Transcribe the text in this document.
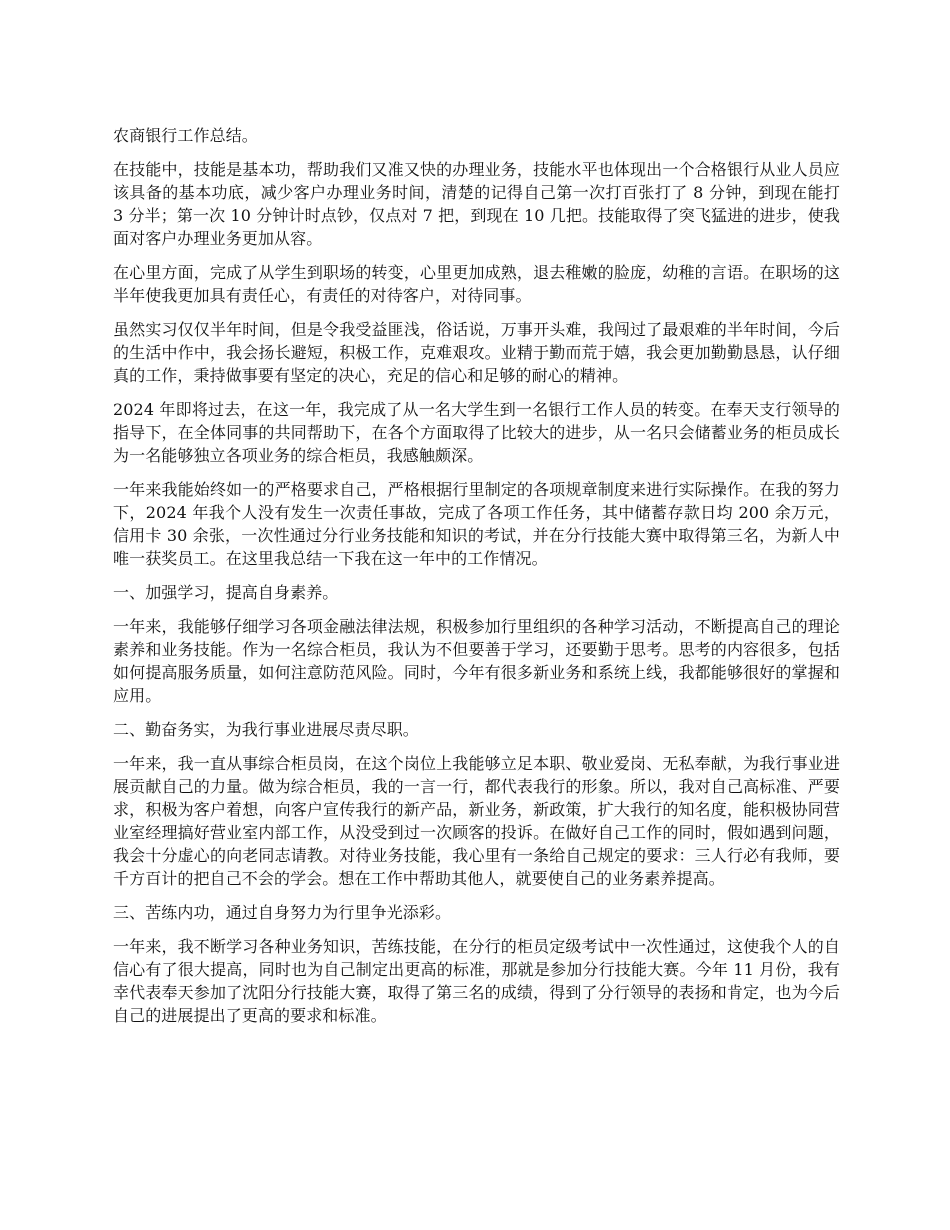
农商银行工作总结。

在技能中，技能是基本功，帮助我们又准又快的办理业务，技能水平也体现出一个合格银行从业人员应该具备的基本功底，减少客户办理业务时间，清楚的记得自己第一次打百张打了 8 分钟，到现在能打 3 分半；第一次 10 分钟计时点钞，仅点对 7 把，到现在 10 几把。技能取得了突飞猛进的进步，使我面对客户办理业务更加从容。

在心里方面，完成了从学生到职场的转变，心里更加成熟，退去稚嫩的脸庞，幼稚的言语。在职场的这半年使我更加具有责任心，有责任的对待客户，对待同事。

虽然实习仅仅半年时间，但是令我受益匪浅，俗话说，万事开头难，我闯过了最艰难的半年时间，今后的生活中作中，我会扬长避短，积极工作，克难艰攻。业精于勤而荒于嬉，我会更加勤勤恳恳，认仔细真的工作，秉持做事要有坚定的决心，充足的信心和足够的耐心的精神。

2024 年即将过去，在这一年，我完成了从一名大学生到一名银行工作人员的转变。在奉天支行领导的指导下，在全体同事的共同帮助下，在各个方面取得了比较大的进步，从一名只会储蓄业务的柜员成长为一名能够独立各项业务的综合柜员，我感触颇深。

一年来我能始终如一的严格要求自己，严格根据行里制定的各项规章制度来进行实际操作。在我的努力下，2024 年我个人没有发生一次责任事故，完成了各项工作任务，其中储蓄存款日均 200 余万元，信用卡 30 余张，一次性通过分行业务技能和知识的考试，并在分行技能大赛中取得第三名，为新人中唯一获奖员工。在这里我总结一下我在这一年中的工作情况。

一、加强学习，提高自身素养。

一年来，我能够仔细学习各项金融法律法规，积极参加行里组织的各种学习活动，不断提高自己的理论素养和业务技能。作为一名综合柜员，我认为不但要善于学习，还要勤于思考。思考的内容很多，包括如何提高服务质量，如何注意防范风险。同时，今年有很多新业务和系统上线，我都能够很好的掌握和应用。

二、勤奋务实，为我行事业进展尽责尽职。

一年来，我一直从事综合柜员岗，在这个岗位上我能够立足本职、敬业爱岗、无私奉献，为我行事业进展贡献自己的力量。做为综合柜员，我的一言一行，都代表我行的形象。所以，我对自己高标准、严要求，积极为客户着想，向客户宣传我行的新产品，新业务，新政策，扩大我行的知名度，能积极协同营业室经理搞好营业室内部工作，从没受到过一次顾客的投诉。在做好自己工作的同时，假如遇到问题，我会十分虚心的向老同志请教。对待业务技能，我心里有一条给自己规定的要求：三人行必有我师，要千方百计的把自己不会的学会。想在工作中帮助其他人，就要使自己的业务素养提高。

三、苦练内功，通过自身努力为行里争光添彩。

一年来，我不断学习各种业务知识，苦练技能，在分行的柜员定级考试中一次性通过，这使我个人的自信心有了很大提高，同时也为自己制定出更高的标准，那就是参加分行技能大赛。今年 11 月份，我有幸代表奉天参加了沈阳分行技能大赛，取得了第三名的成绩，得到了分行领导的表扬和肯定，也为今后自己的进展提出了更高的要求和标准。
